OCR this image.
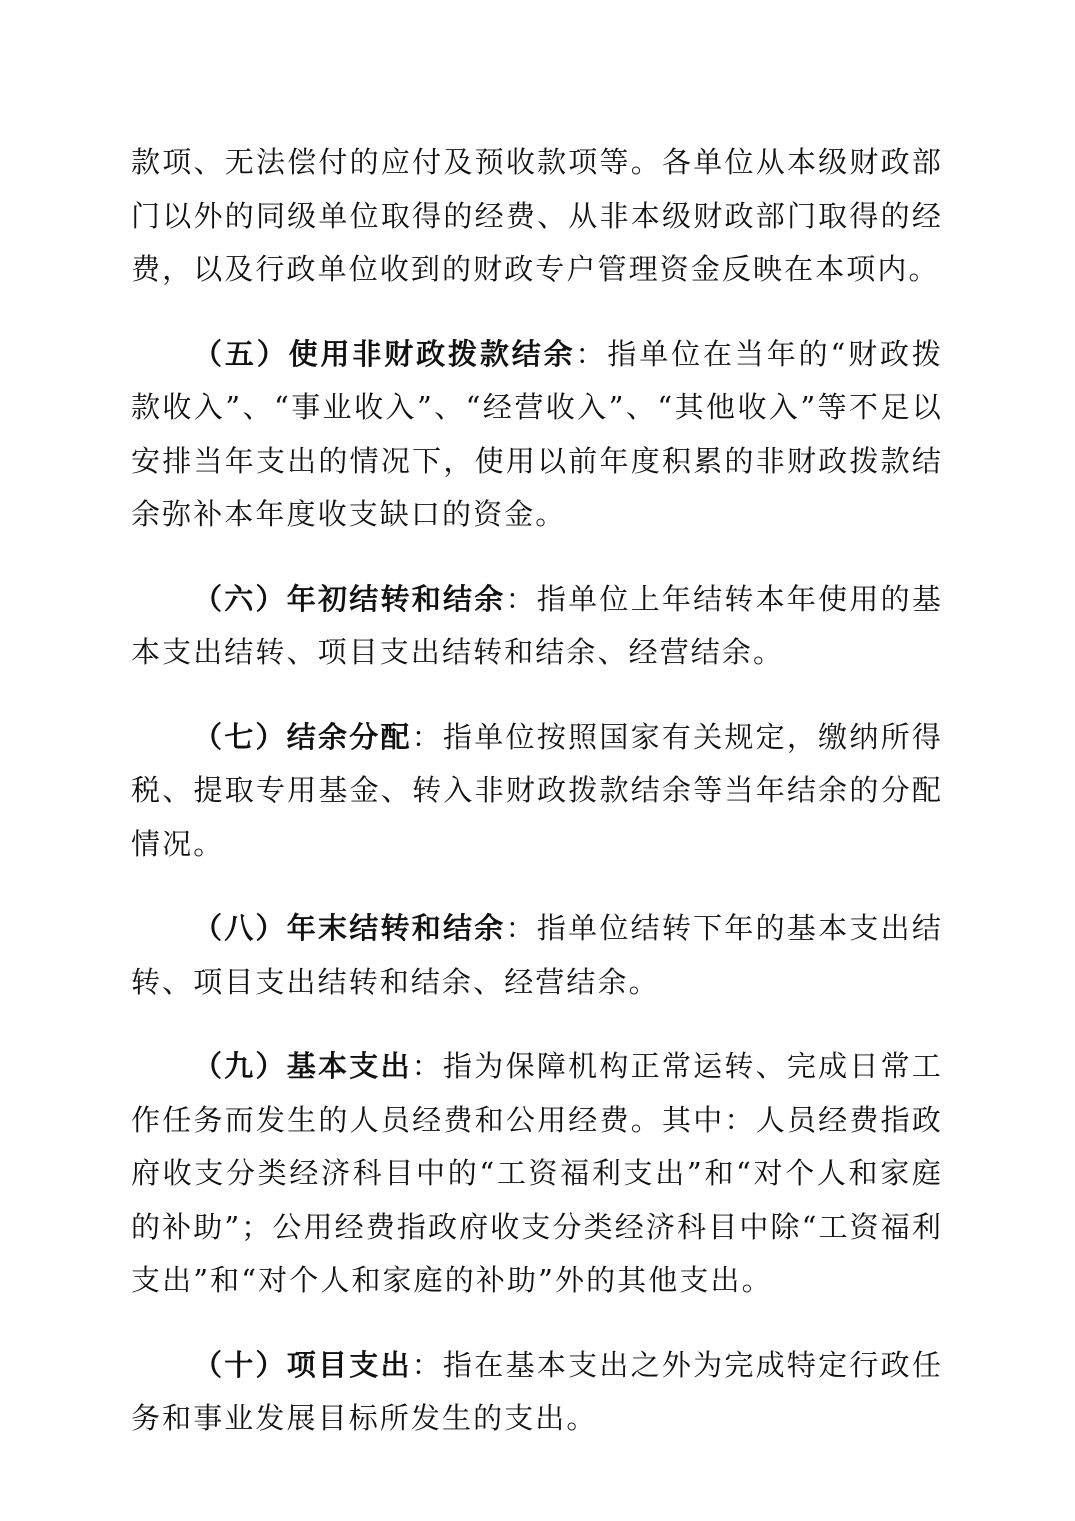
款项、无法偿付的应付及预收款项等。各单位从本级财政部门以外的同级单位取得的经费、从非本级财政部门取得的经费，以及行政单位收到的财政专户管理资金反映在本项内。

（五）使用非财政拨款结余：指单位在当年的“财政拨款收入”、“事业收入”、“经营收入”、“其他收入”等不足以安排当年支出的情况下，使用以前年度积累的非财政拨款结余弥补本年度收支缺口的资金。

（六）年初结转和结余：指单位上年结转本年使用的基本支出结转、项目支出结转和结余、经营结余。

（七）结余分配：指单位按照国家有关规定，缴纳所得税、提取专用基金、转入非财政拨款结余等当年结余的分配情况。

（八）年末结转和结余：指单位结转下年的基本支出结转、项目支出结转和结余、经营结余。

（九）基本支出：指为保障机构正常运转、完成日常工作任务而发生的人员经费和公用经费。其中：人员经费指政府收支分类经济科目中的“工资福利支出”和“对个人和家庭的补助”；公用经费指政府收支分类经济科目中除“工资福利支出”和“对个人和家庭的补助”外的其他支出。

（十）项目支出：指在基本支出之外为完成特定行政任务和事业发展目标所发生的支出。
